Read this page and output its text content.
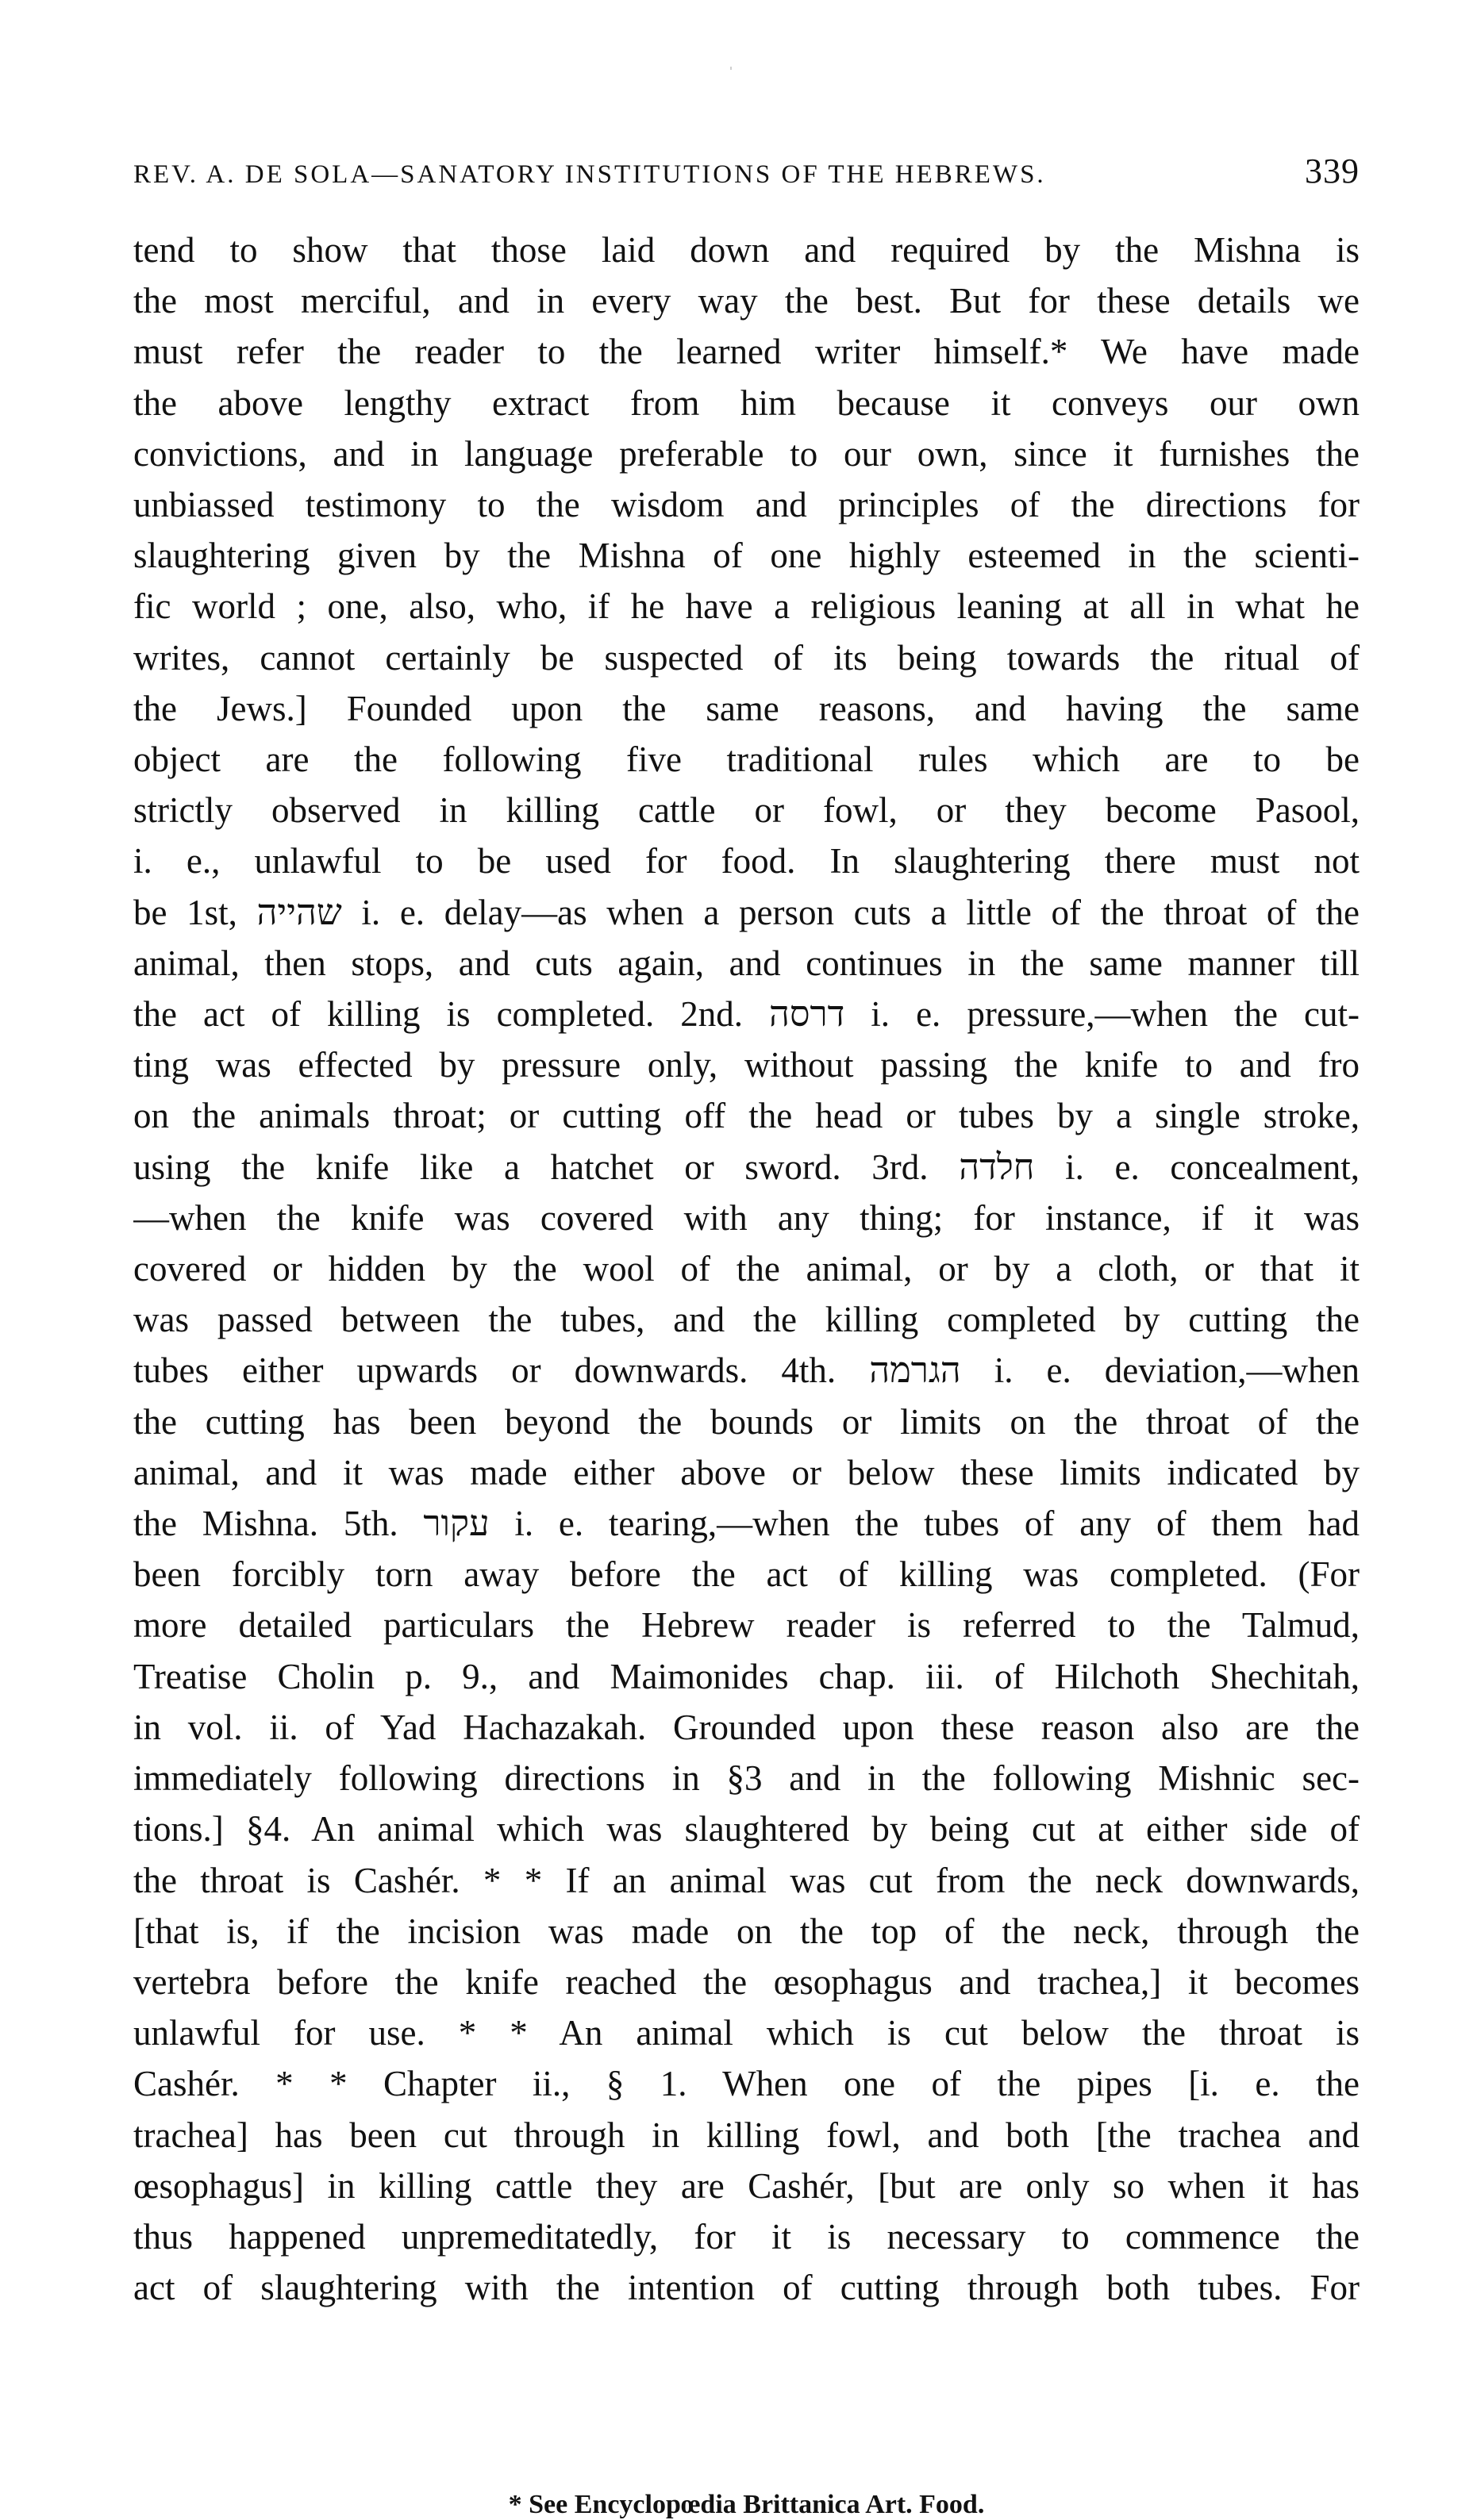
REV. A. DE SOLA—SANATORY INSTITUTIONS OF THE HEBREWS.	339
tend to show that those laid down and required by the Mishna is
the most merciful, and in every way the best. But for these details we
must refer the reader to the learned writer himself.* We have made
the above lengthy extract from him because it conveys our own
convictions, and in language preferable to our own, since it furnishes the
unbiassed testimony to the wisdom and principles of the directions for
slaughtering given by the Mishna of one highly esteemed in the scienti-
fic world ; one, also, who, if he have a religious leaning at all in what he
writes, cannot certainly be suspected of its being towards the ritual of
the Jews.] Founded upon the same reasons, and having the same
object are the following five traditional rules which are to be
strictly observed in killing cattle or fowl, or they become Pasool,
i. e., unlawful to be used for food. In slaughtering there must not
be 1st, שהייה i. e. delay—as when a person cuts a little of the throat of the
animal, then stops, and cuts again, and continues in the same manner till
the act of killing is completed. 2nd. דרסה i. e. pressure,—when the cut-
ting was effected by pressure only, without passing the knife to and fro
on the animals throat; or cutting off the head or tubes by a single stroke,
using the knife like a hatchet or sword. 3rd. חלדה i. e. concealment,
—when the knife was covered with any thing; for instance, if it was
covered or hidden by the wool of the animal, or by a cloth, or that it
was passed between the tubes, and the killing completed by cutting the
tubes either upwards or downwards. 4th. הגרמה i. e. deviation,—when
the cutting has been beyond the bounds or limits on the throat of the
animal, and it was made either above or below these limits indicated by
the Mishna. 5th. עקור i. e. tearing,—when the tubes of any of them had
been forcibly torn away before the act of killing was completed. (For
more detailed particulars the Hebrew reader is referred to the Talmud,
Treatise Cholin p. 9., and Maimonides chap. iii. of Hilchoth Shechitah,
in vol. ii. of Yad Hachazakah. Grounded upon these reason also are the
immediately following directions in §3 and in the following Mishnic sec-
tions.] §4. An animal which was slaughtered by being cut at either side of
the throat is Cashér. * * If an animal was cut from the neck downwards,
[that is, if the incision was made on the top of the neck, through the
vertebra before the knife reached the œsophagus and trachea,] it becomes
unlawful for use. * * An animal which is cut below the throat is
Cashér. * * Chapter ii., § 1. When one of the pipes [i. e. the
trachea] has been cut through in killing fowl, and both [the trachea and
œsophagus] in killing cattle they are Cashér, [but are only so when it has
thus happened unpremeditatedly, for it is necessary to commence the
act of slaughtering with the intention of cutting through both tubes. For
* See Encyclopœdia Brittanica Art. Food.
